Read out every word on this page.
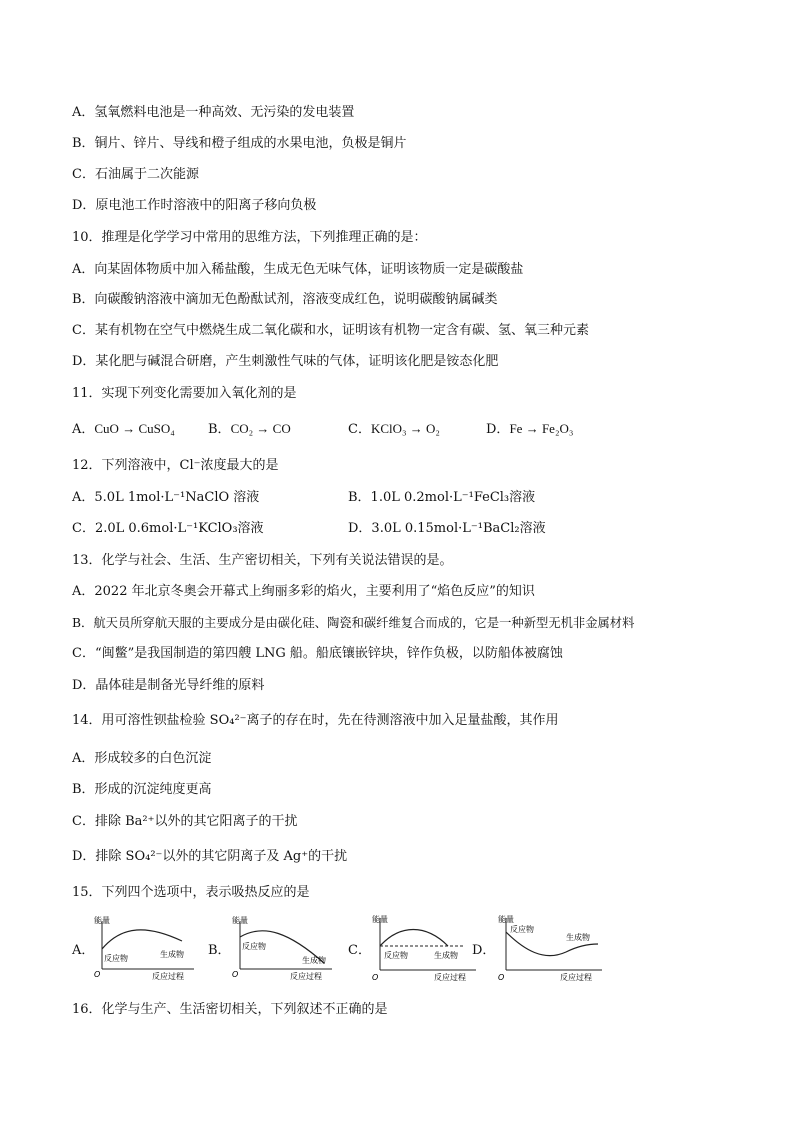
A．氢氧燃料电池是一种高效、无污染的发电装置
B．铜片、锌片、导线和橙子组成的水果电池，负极是铜片
C．石油属于二次能源
D．原电池工作时溶液中的阳离子移向负极
10．推理是化学学习中常用的思维方法，下列推理正确的是：
A．向某固体物质中加入稀盐酸，生成无色无味气体，证明该物质一定是碳酸盐
B．向碳酸钠溶液中滴加无色酚酞试剂，溶液变成红色，说明碳酸钠属碱类
C．某有机物在空气中燃烧生成二氧化碳和水，证明该有机物一定含有碳、氢、氧三种元素
D．某化肥与碱混合研磨，产生刺激性气味的气体，证明该化肥是铵态化肥
11．实现下列变化需要加入氧化剂的是
A．CuO → CuSO₄	B．CO₂ → CO	C．KClO₃ → O₂	D．Fe → Fe₂O₃
12．下列溶液中，Cl⁻浓度最大的是
A．5.0L 1mol·L⁻¹NaClO 溶液	B．1.0L 0.2mol·L⁻¹FeCl₃溶液
C．2.0L 0.6mol·L⁻¹KClO₃溶液	D．3.0L 0.15mol·L⁻¹BaCl₂溶液
13．化学与社会、生活、生产密切相关，下列有关说法错误的是。
A．2022 年北京冬奥会开幕式上绚丽多彩的焰火，主要利用了“焰色反应”的知识
B．航天员所穿航天服的主要成分是由碳化硅、陶瓷和碳纤维复合而成的，它是一种新型无机非金属材料
C．“闽鳖”是我国制造的第四艘 LNG 船。船底镶嵌锌块，锌作负极，以防船体被腐蚀
D．晶体硅是制备光导纤维的原料
14．用可溶性钡盐检验 SO₄²⁻离子的存在时，先在待测溶液中加入足量盐酸，其作用
A．形成较多的白色沉淀
B．形成的沉淀纯度更高
C．排除 Ba²⁺以外的其它阳离子的干扰
D．排除 SO₄²⁻以外的其它阴离子及 Ag⁺的干扰
15．下列四个选项中，表示吸热反应的是
A．
能量
O
反应物	生成物
反应过程
B．
能量
O
反应物
生成物
反应过程
C．
能量
O
反应物	生成物
反应过程
D．
能量
O
反应物
生成物
反应过程
16．化学与生产、生活密切相关，下列叙述不正确的是
